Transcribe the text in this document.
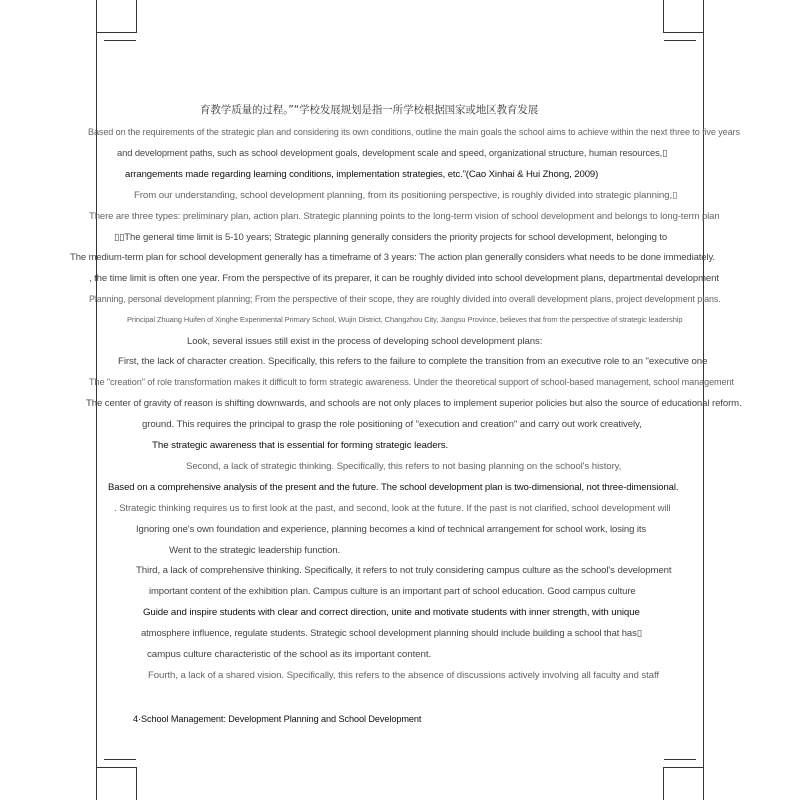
育教学质量的过程。”“学校发展规划是指一所学校根据国家或地区教育发展
Based on the requirements of the strategic plan and considering its own conditions, outline the main goals the school aims to achieve within the next three to five years
and development paths, such as school development goals, development scale and speed, organizational structure, human resources,▯
arrangements made regarding learning conditions, implementation strategies, etc.”(Cao Xinhai & Hui Zhong, 2009)
From our understanding, school development planning, from its positioning perspective, is roughly divided into strategic planning,▯
There are three types: preliminary plan, action plan. Strategic planning points to the long-term vision of school development and belongs to long-term plan
▯▯The general time limit is 5-10 years; Strategic planning generally considers the priority projects for school development, belonging to
The medium-term plan for school development generally has a timeframe of 3 years: The action plan generally considers what needs to be done immediately.
, the time limit is often one year. From the perspective of its preparer, it can be roughly divided into school development plans, departmental development
Planning, personal development planning; From the perspective of their scope, they are roughly divided into overall development plans, project development plans.
Principal Zhuang Huifen of Xinghe Experimental Primary School, Wujin District, Changzhou City, Jiangsu Province, believes that from the perspective of strategic leadership
Look, several issues still exist in the process of developing school development plans:
First, the lack of character creation. Specifically, this refers to the failure to complete the transition from an executive role to an "executive one
The "creation" of role transformation makes it difficult to form strategic awareness. Under the theoretical support of school-based management, school management
The center of gravity of reason is shifting downwards, and schools are not only places to implement superior policies but also the source of educational reform.
ground. This requires the principal to grasp the role positioning of "execution and creation" and carry out work creatively,
The strategic awareness that is essential for forming strategic leaders.
Second, a lack of strategic thinking. Specifically, this refers to not basing planning on the school's history,
Based on a comprehensive analysis of the present and the future. The school development plan is two-dimensional, not three-dimensional.
. Strategic thinking requires us to first look at the past, and second, look at the future. If the past is not clarified, school development will
Ignoring one's own foundation and experience, planning becomes a kind of technical arrangement for school work, losing its
Went to the strategic leadership function.
Third, a lack of comprehensive thinking. Specifically, it refers to not truly considering campus culture as the school's development
important content of the exhibition plan. Campus culture is an important part of school education. Good campus culture
Guide and inspire students with clear and correct direction, unite and motivate students with inner strength, with unique
atmosphere influence, regulate students. Strategic school development planning should include building a school that has▯
campus culture characteristic of the school as its important content.
Fourth, a lack of a shared vision. Specifically, this refers to the absence of discussions actively involving all faculty and staff
4·School Management: Development Planning and School Development
